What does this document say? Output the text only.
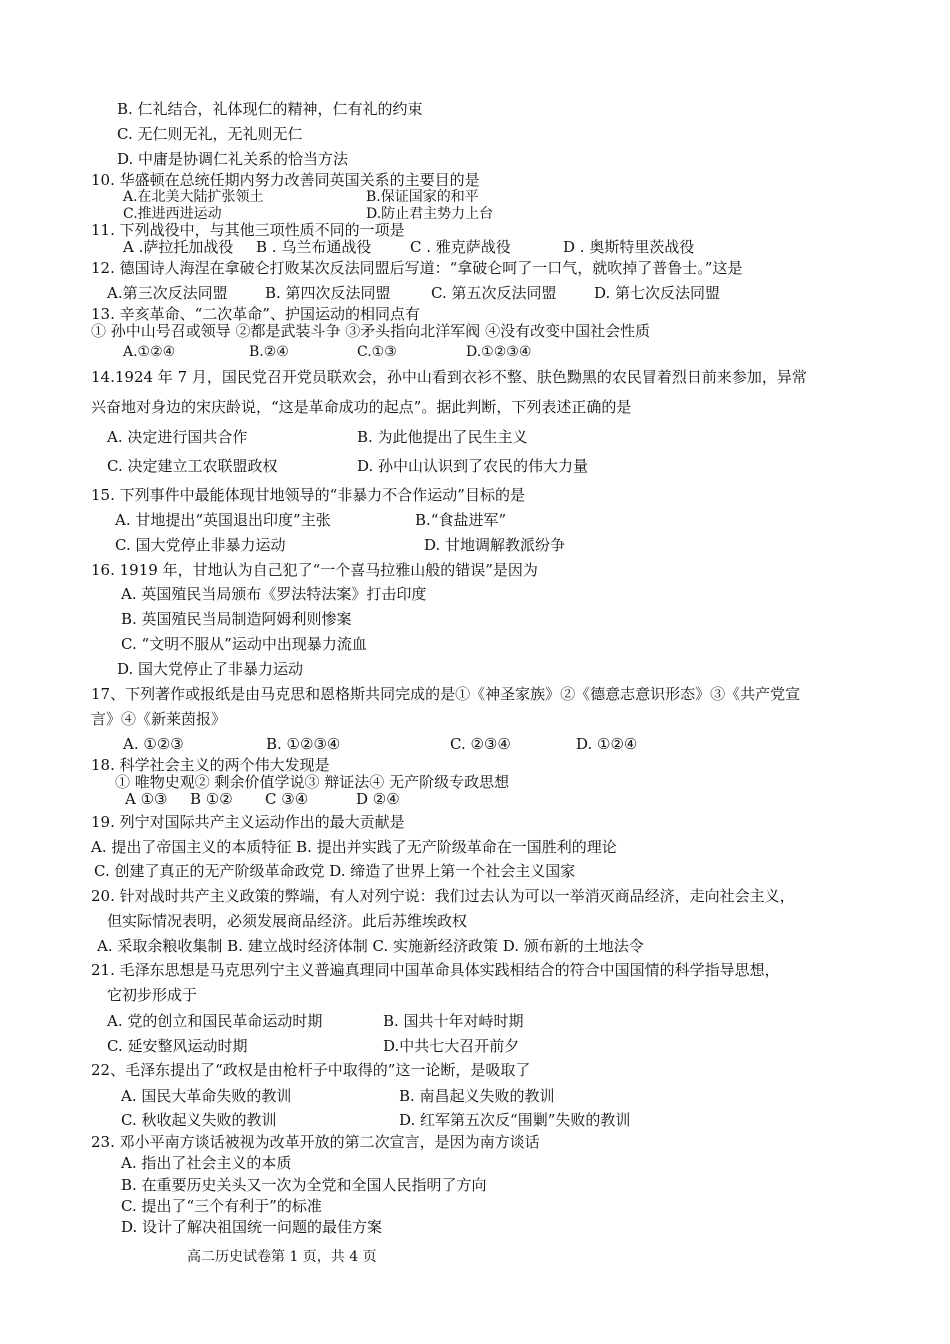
B. 仁礼结合，礼体现仁的精神，仁有礼的约束
C. 无仁则无礼，无礼则无仁
D. 中庸是协调仁礼关系的恰当方法
10. 华盛顿在总统任期内努力改善同英国关系的主要目的是
A.在北美大陆扩张领土	B.保证国家的和平
C.推进西进运动	D.防止君主势力上台
11. 下列战役中，与其他三项性质不同的一项是
A .萨拉托加战役 B . 乌兰布通战役	C . 雅克萨战役	D . 奥斯特里茨战役
12. 德国诗人海涅在拿破仑打败某次反法同盟后写道：“拿破仑呵了一口气，就吹掉了普鲁士。”这是
A.第三次反法同盟 B. 第四次反法同盟	C. 第五次反法同盟	D. 第七次反法同盟
13. 辛亥革命、“二次革命”、护国运动的相同点有
① 孙中山号召或领导 ②都是武装斗争 ③矛头指向北洋军阀 ④没有改变中国社会性质
A.①②④	B.②④	C.①③	D.①②③④
14.1924 年 7 月，国民党召开党员联欢会，孙中山看到衣衫不整、肤色黝黑的农民冒着烈日前来参加，异常
兴奋地对身边的宋庆龄说，“这是革命成功的起点”。据此判断，下列表述正确的是
A. 决定进行国共合作	B. 为此他提出了民生主义
C. 决定建立工农联盟政权	D. 孙中山认识到了农民的伟大力量
15. 下列事件中最能体现甘地领导的“非暴力不合作运动”目标的是
A. 甘地提出“英国退出印度”主张	B.“食盐进军”
C. 国大党停止非暴力运动	D. 甘地调解教派纷争
16. 1919 年，甘地认为自己犯了“一个喜马拉雅山般的错误”是因为
A. 英国殖民当局颁布《罗法特法案》打击印度
B. 英国殖民当局制造阿姆利则惨案
C. “文明不服从”运动中出现暴力流血
D. 国大党停止了非暴力运动
17、下列著作或报纸是由马克思和恩格斯共同完成的是①《神圣家族》②《德意志意识形态》③《共产党宣
言》④《新莱茵报》
A. ①②③	B. ①②③④	C. ②③④	D. ①②④
18. 科学社会主义的两个伟大发现是
① 唯物史观② 剩余价值学说③ 辩证法④ 无产阶级专政思想
A ①③ B ①② C ③④	D ②④
19. 列宁对国际共产主义运动作出的最大贡献是
A. 提出了帝国主义的本质特征 B. 提出并实践了无产阶级革命在一国胜利的理论
C. 创建了真正的无产阶级革命政党 D. 缔造了世界上第一个社会主义国家
20. 针对战时共产主义政策的弊端，有人对列宁说：我们过去认为可以一举消灭商品经济，走向社会主义，
但实际情况表明，必须发展商品经济。此后苏维埃政权
A. 采取余粮收集制 B. 建立战时经济体制 C. 实施新经济政策 D. 颁布新的土地法令
21. 毛泽东思想是马克思列宁主义普遍真理同中国革命具体实践相结合的符合中国国情的科学指导思想，
它初步形成于
A. 党的创立和国民革命运动时期	B. 国共十年对峙时期
C. 延安整风运动时期	D.中共七大召开前夕
22、毛泽东提出了“政权是由枪杆子中取得的”这一论断，是吸取了
A. 国民大革命失败的教训	B. 南昌起义失败的教训
C. 秋收起义失败的教训	D. 红军第五次反“围剿”失败的教训
23. 邓小平南方谈话被视为改革开放的第二次宣言，是因为南方谈话
A. 指出了社会主义的本质
B. 在重要历史关头又一次为全党和全国人民指明了方向
C. 提出了“三个有利于”的标准
D. 设计了解决祖国统一问题的最佳方案
高二历史试卷第 1 页，共 4 页
